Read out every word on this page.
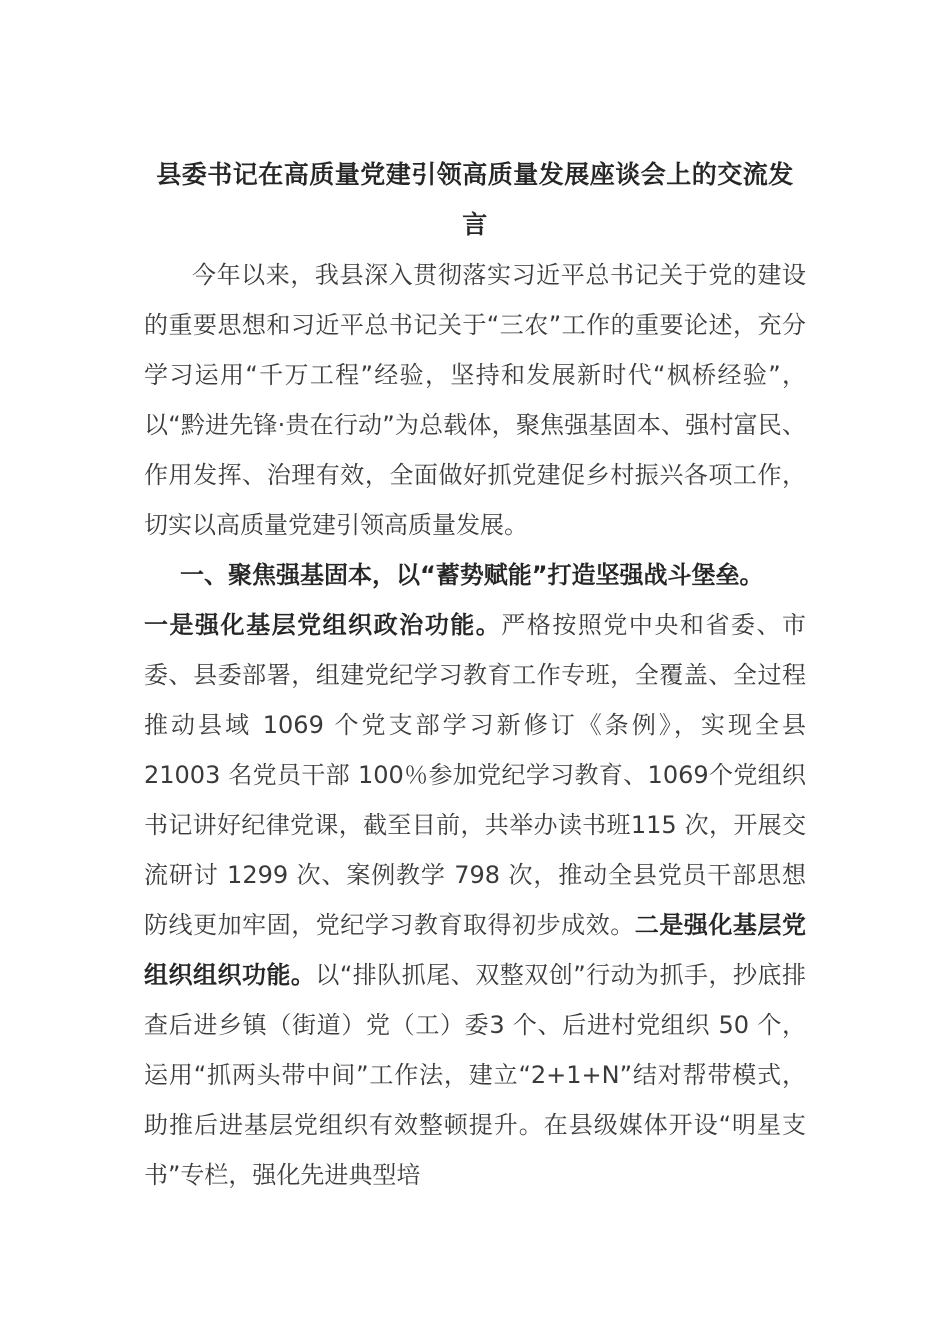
县委书记在高质量党建引领高质量发展座谈会上的交流发
言

今年以来，我县深入贯彻落实习近平总书记关于党的建设的重要思想和习近平总书记关于“三农”工作的重要论述，充分学习运用“千万工程”经验，坚持和发展新时代“枫桥经验”，以“黔进先锋·贵在行动”为总载体，聚焦强基固本、强村富民、作用发挥、治理有效，全面做好抓党建促乡村振兴各项工作，切实以高质量党建引领高质量发展。

一、聚焦强基固本，以“蓄势赋能”打造坚强战斗堡垒。

一是强化基层党组织政治功能。严格按照党中央和省委、市委、县委部署，组建党纪学习教育工作专班，全覆盖、全过程推动县域 1069 个党支部学习新修订《条例》，实现全县 21003 名党员干部 100％参加党纪学习教育、1069个党组织书记讲好纪律党课，截至目前，共举办读书班115 次，开展交流研讨 1299 次、案例教学 798 次，推动全县党员干部思想防线更加牢固，党纪学习教育取得初步成效。二是强化基层党组织组织功能。以“排队抓尾、双整双创”行动为抓手，抄底排查后进乡镇（街道）党（工）委3 个、后进村党组织 50 个，运用“抓两头带中间”工作法，建立“2+1+N”结对帮带模式，助推后进基层党组织有效整顿提升。在县级媒体开设“明星支书”专栏，强化先进典型培
